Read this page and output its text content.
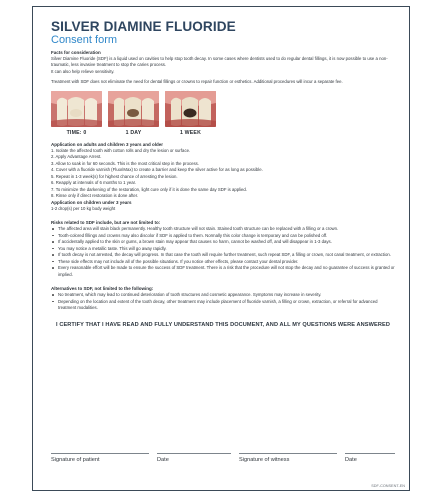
SILVER DIAMINE FLUORIDE
Consent form
Facts for consideration

Silver Diamine Fluoride (SDF) is a liquid used on cavities to help stop tooth decay. In some cases where dentists used to do regular dental fillings, it is now possible to use a non-traumatic, less invasive treatment to stop the caries process.

It can also help relieve sensitivity.

Treatment with SDF does not eliminate the need for dental fillings or crowns to repair function or esthetics. Additional procedures will incur a separate fee.

TIME: 0	1 DAY	1 WEEK
Application on adults and children 3 years and older
1. Isolate the affected tooth with cotton rolls and dry the lesion or surface.
2. Apply Advantage Arrest.
3. Allow to soak in for 60 seconds. This is the most critical step in the process.
4. Cover with a fluoride varnish (FluoriMax) to create a barrier and keep the silver active for as long as possible.
5. Repeat in 1-3 week(s) for highest chance of arresting the lesion.
6. Reapply at intervals of 6 months to 1 year.
7. To minimize the darkening of the restoration, light cure only if it is done the same day SDF is applied.
8. Rinse only if direct restoration is done after.
Application on children under 3 years

1-2 drop(s) per 10 kg body weight

Risks related to SDF include, but are not limited to:
The affected area will stain black permanently. Healthy tooth structure will not stain. Stained tooth structure can be replaced with a filling or a crown.
Tooth-colored fillings and crowns may also discolor if SDF is applied to them. Normally this color change is temporary and can be polished off.
If accidentally applied to the skin or gums, a brown stain may appear that causes no harm, cannot be washed off, and will disappear in 1-3 days.
You may notice a metallic taste. This will go away rapidly.
If tooth decay is not arrested, the decay will progress. In that case the tooth will require further treatment, such repeat SDF, a filling or crown, root canal treatment, or extraction.
These side effects may not include all of the possible situations. If you notice other effects, please contact your dental provider.
Every reasonable effort will be made to ensure the success of SDF treatment. There is a risk that the procedure will not stop the decay and no guarantee of success is granted or implied.
Alternatives to SDF, not limited to the following:
No treatment, which may lead to continued deterioration of tooth structures and cosmetic appearance. Symptoms may increase in severity.
Depending on the location and extent of the tooth decay, other treatment may include placement of fluoride varnish, a filling or crown, extraction, or referral for advanced treatment modalities.
I CERTIFY THAT I HAVE READ AND FULLY UNDERSTAND THIS DOCUMENT, AND ALL MY QUESTIONS WERE ANSWERED
Signature of patient	Date	Signature of witness	Date
SDF-CONSENT-EN
